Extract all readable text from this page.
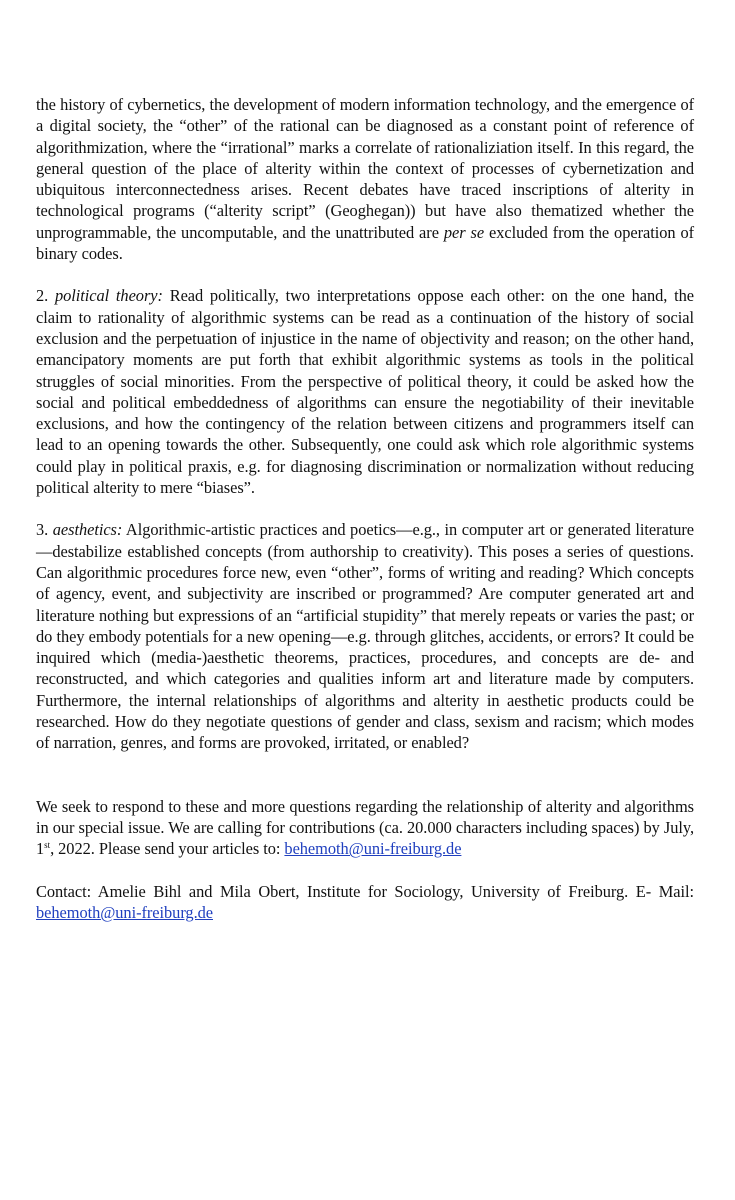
the history of cybernetics, the development of modern information technology, and the emergence of a digital society, the “other” of the rational can be diagnosed as a constant point of reference of algorithmization, where the “irrational” marks a correlate of rationaliziation itself. In this regard, the general question of the place of alterity within the context of processes of cybernetization and ubiquitous interconnectedness arises. Recent debates have traced inscriptions of alterity in technological programs (“alterity script” (Geoghegan)) but have also thematized whether the unprogrammable, the uncomputable, and the unattributed are per se excluded from the operation of binary codes.

2. political theory: Read politically, two interpretations oppose each other: on the one hand, the claim to rationality of algorithmic systems can be read as a continuation of the history of social exclusion and the perpetuation of injustice in the name of objectivity and reason; on the other hand, emancipatory moments are put forth that exhibit algorithmic systems as tools in the political struggles of social minorities. From the perspective of political theory, it could be asked how the social and political embeddedness of algorithms can ensure the negotiability of their inevitable exclusions, and how the contingency of the relation between citizens and programmers itself can lead to an opening towards the other. Subsequently, one could ask which role algorithmic systems could play in political praxis, e.g. for diagnosing discrimination or normalization without reducing political alterity to mere “biases”.

3. aesthetics: Algorithmic-artistic practices and poetics—e.g., in computer art or generated literature—destabilize established concepts (from authorship to creativity). This poses a series of questions. Can algorithmic procedures force new, even “other”, forms of writing and reading? Which concepts of agency, event, and subjectivity are inscribed or programmed? Are computer generated art and literature nothing but expressions of an “artificial stupidity” that merely repeats or varies the past; or do they embody potentials for a new opening—e.g. through glitches, accidents, or errors? It could be inquired which (media-)aesthetic theorems, practices, procedures, and concepts are de- and reconstructed, and which categories and qualities inform art and literature made by computers. Furthermore, the internal relationships of algorithms and alterity in aesthetic products could be researched. How do they negotiate questions of gender and class, sexism and racism; which modes of narration, genres, and forms are provoked, irritated, or enabled?

We seek to respond to these and more questions regarding the relationship of alterity and algorithms in our special issue. We are calling for contributions (ca. 20.000 characters including spaces) by July, 1st, 2022. Please send your articles to: behemoth@uni-freiburg.de

Contact: Amelie Bihl and Mila Obert, Institute for Sociology, University of Freiburg. E- Mail: behemoth@uni-freiburg.de
